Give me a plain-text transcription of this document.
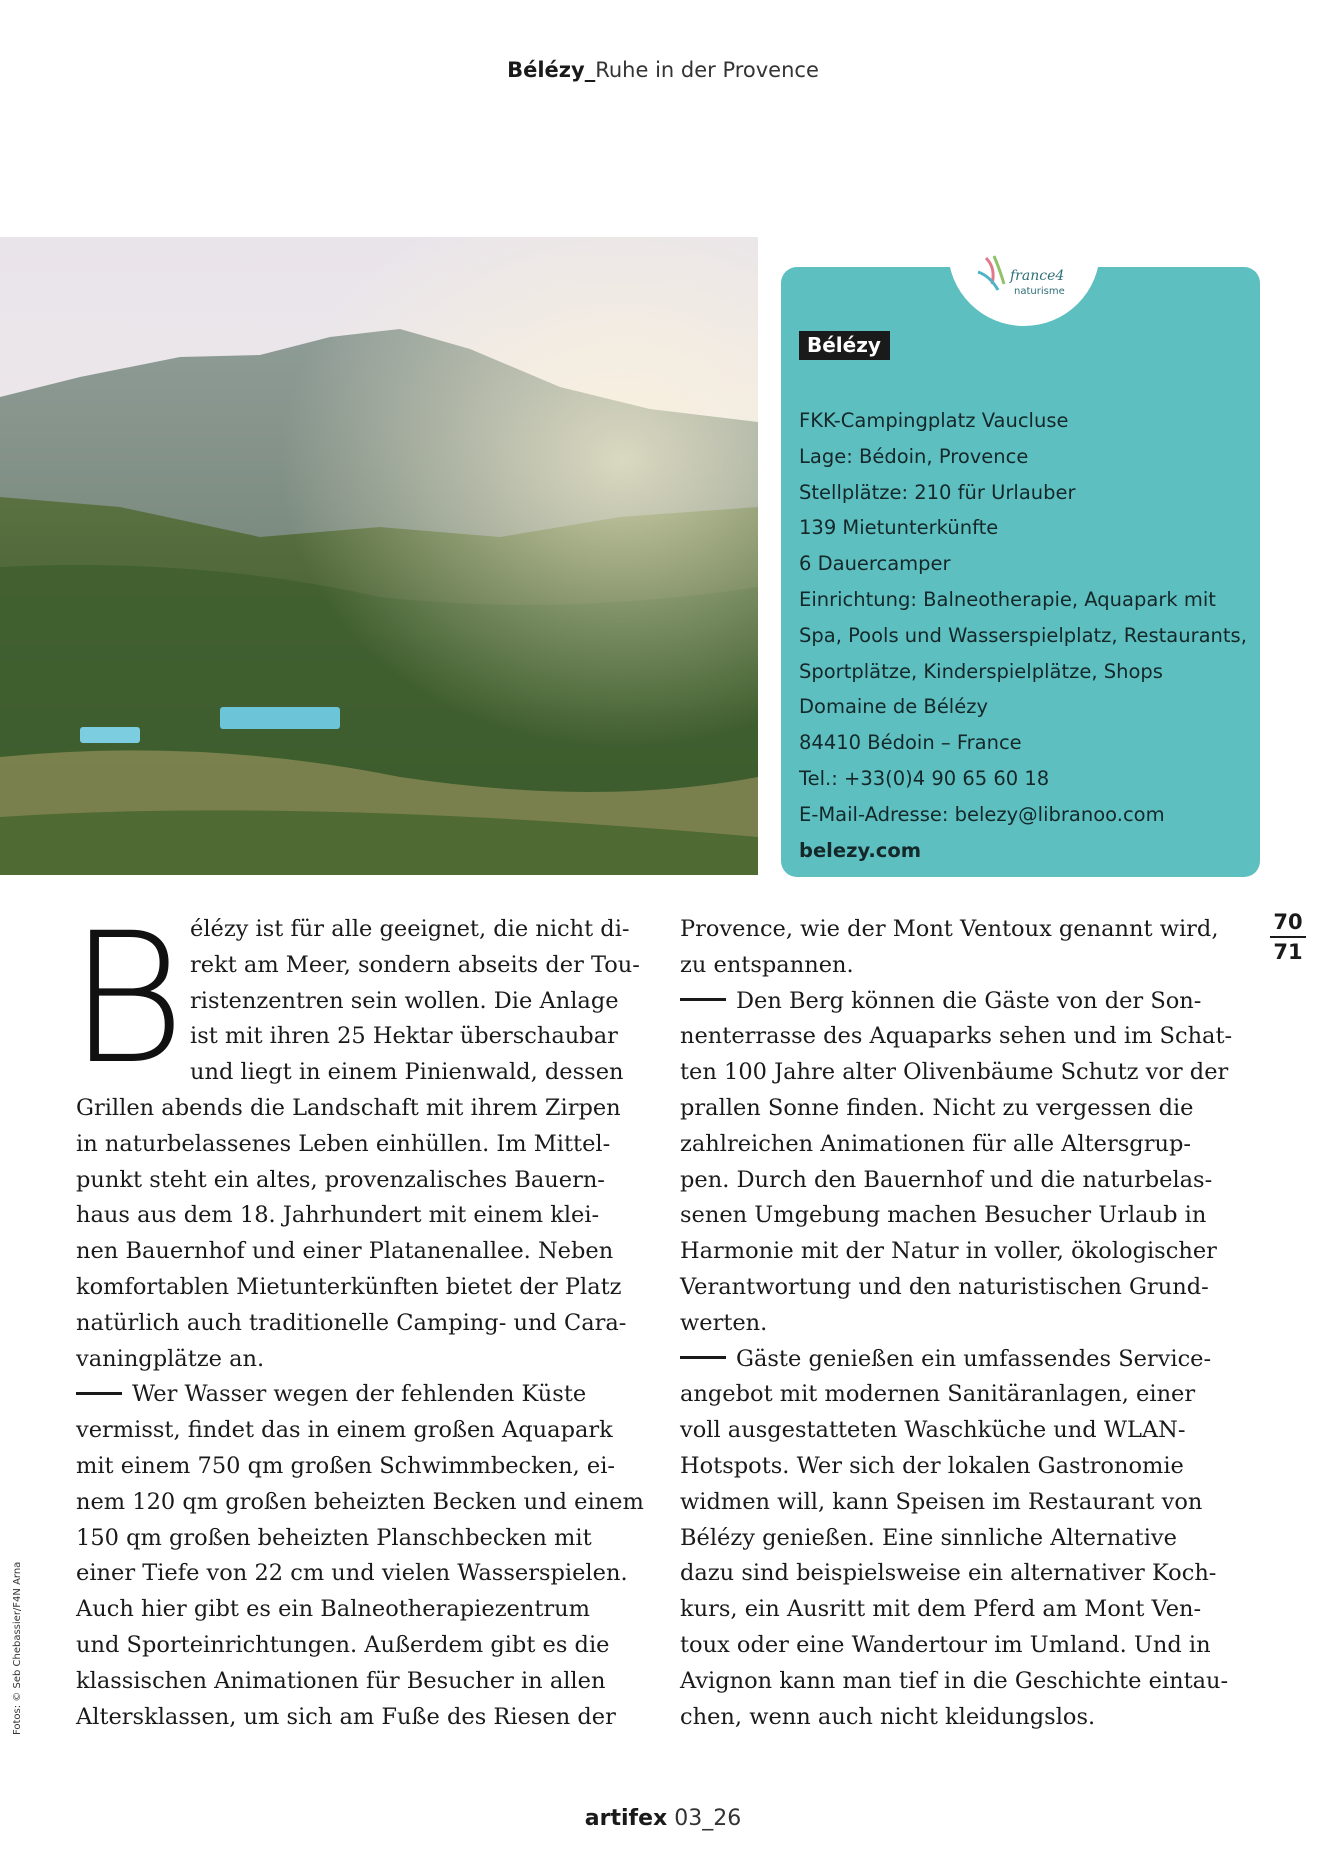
Bélézy_Ruhe in der Provence
france4
naturisme
Bélézy
FKK-Campingplatz Vaucluse
Lage: Bédoin, Provence
Stellplätze: 210 für Urlauber
139 Mietunterkünfte
6 Dauercamper
Einrichtung: Balneotherapie, Aquapark mit
Spa, Pools und Wasserspielplatz, Restaurants,
Sportplätze, Kinderspielplätze, Shops
Domaine de Bélézy
84410 Bédoin – France
Tel.: +33(0)4 90 65 60 18
E-Mail-Adresse: belezy@libranoo.com
belezy.com
B élézy ist für alle geeignet, die nicht di-
rekt am Meer, sondern abseits der Tou-
ristenzentren sein wollen. Die Anlage
ist mit ihren 25 Hektar überschaubar
und liegt in einem Pinienwald, dessen
Grillen abends die Landschaft mit ihrem Zirpen
in naturbelassenes Leben einhüllen. Im Mittel-
punkt steht ein altes, provenzalisches Bauern-
haus aus dem 18. Jahrhundert mit einem klei-
nen Bauernhof und einer Platanenallee. Neben
komfortablen Mietunterkünften bietet der Platz
natürlich auch traditionelle Camping- und Cara-
vaningplätze an.
Wer Wasser wegen der fehlenden Küste
vermisst, findet das in einem großen Aquapark
mit einem 750 qm großen Schwimmbecken, ei-
nem 120 qm großen beheizten Becken und einem
150 qm großen beheizten Planschbecken mit
einer Tiefe von 22 cm und vielen Wasserspielen.
Auch hier gibt es ein Balneotherapiezentrum
und Sporteinrichtungen. Außerdem gibt es die
klassischen Animationen für Besucher in allen
Altersklassen, um sich am Fuße des Riesen der
Provence, wie der Mont Ventoux genannt wird,
zu entspannen.
Den Berg können die Gäste von der Son-
nenterrasse des Aquaparks sehen und im Schat-
ten 100 Jahre alter Olivenbäume Schutz vor der
prallen Sonne finden. Nicht zu vergessen die
zahlreichen Animationen für alle Altersgrup-
pen. Durch den Bauernhof und die naturbelas-
senen Umgebung machen Besucher Urlaub in
Harmonie mit der Natur in voller, ökologischer
Verantwortung und den naturistischen Grund-
werten.
Gäste genießen ein umfassendes Service-
angebot mit modernen Sanitäranlagen, einer
voll ausgestatteten Waschküche und WLAN-
Hotspots. Wer sich der lokalen Gastronomie
widmen will, kann Speisen im Restaurant von
Bélézy genießen. Eine sinnliche Alternative
dazu sind beispielsweise ein alternativer Koch-
kurs, ein Ausritt mit dem Pferd am Mont Ven-
toux oder eine Wandertour im Umland. Und in
Avignon kann man tief in die Geschichte eintau-
chen, wenn auch nicht kleidungslos.
70
71
Fotos: © Seb Chebassier/F4N Arna
artifex 03_26
